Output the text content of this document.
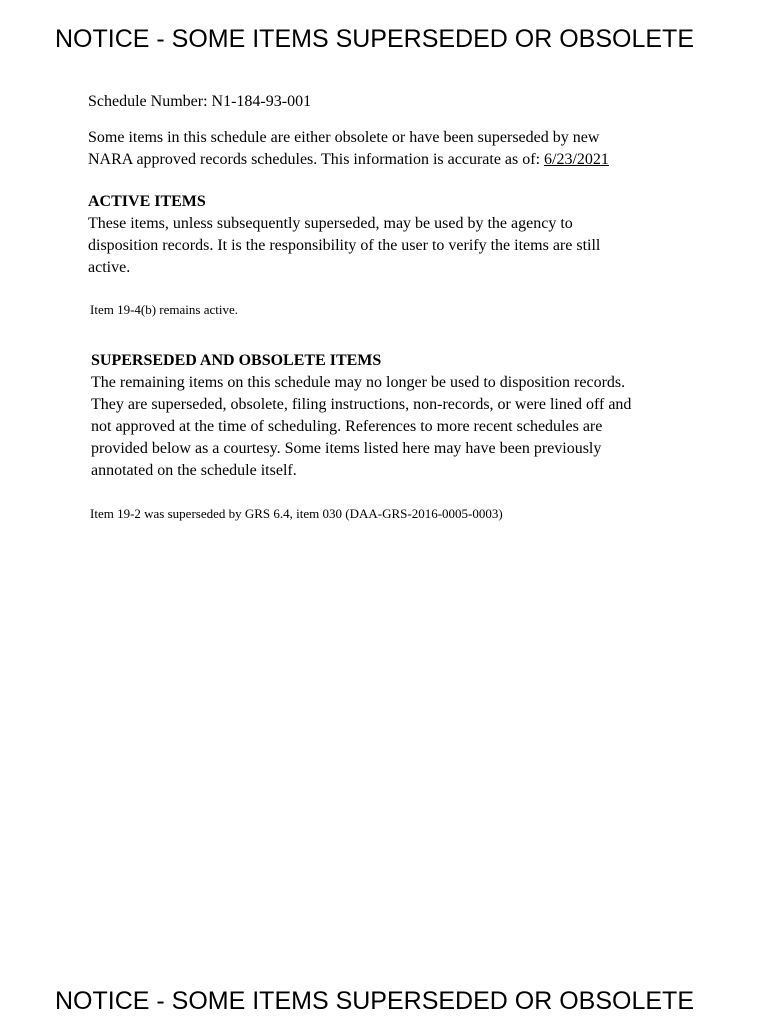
NOTICE - SOME ITEMS SUPERSEDED OR OBSOLETE
Schedule Number: N1-184-93-001
Some items in this schedule are either obsolete or have been superseded by new
NARA approved records schedules. This information is accurate as of: 6/23/2021
ACTIVE ITEMS
These items, unless subsequently superseded, may be used by the agency to
disposition records. It is the responsibility of the user to verify the items are still
active.
Item 19-4(b) remains active.
SUPERSEDED AND OBSOLETE ITEMS
The remaining items on this schedule may no longer be used to disposition records.
They are superseded, obsolete, filing instructions, non-records, or were lined off and
not approved at the time of scheduling. References to more recent schedules are
provided below as a courtesy. Some items listed here may have been previously
annotated on the schedule itself.
Item 19-2 was superseded by GRS 6.4, item 030 (DAA-GRS-2016-0005-0003)
NOTICE - SOME ITEMS SUPERSEDED OR OBSOLETE
